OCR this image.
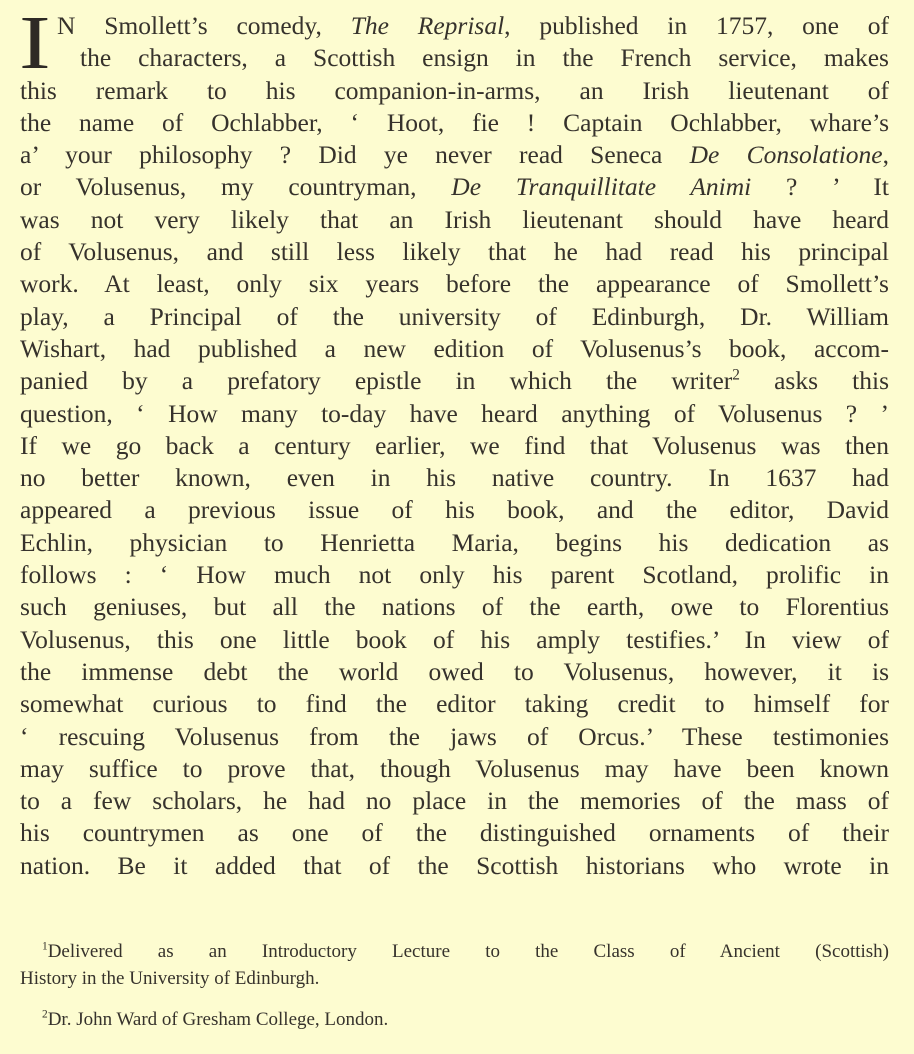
I N Smollett’s comedy, The Reprisal, published in 1757, one of
the characters, a Scottish ensign in the French service, makes
this remark to his companion-in-arms, an Irish lieutenant of
the name of Ochlabber, ‘ Hoot, fie ! Captain Ochlabber, whare’s
a’ your philosophy ? Did ye never read Seneca De Consolatione,
or Volusenus, my countryman, De Tranquillitate Animi ? ’ It
was not very likely that an Irish lieutenant should have heard
of Volusenus, and still less likely that he had read his principal
work. At least, only six years before the appearance of Smollett’s
play, a Principal of the university of Edinburgh, Dr. William
Wishart, had published a new edition of Volusenus’s book, accom-
panied by a prefatory epistle in which the writer$^2$ asks this
question, ‘ How many to-day have heard anything of Volusenus ? ’
If we go back a century earlier, we find that Volusenus was then
no better known, even in his native country. In 1637 had
appeared a previous issue of his book, and the editor, David
Echlin, physician to Henrietta Maria, begins his dedication as
follows : ‘ How much not only his parent Scotland, prolific in
such geniuses, but all the nations of the earth, owe to Florentius
Volusenus, this one little book of his amply testifies.’ In view of
the immense debt the world owed to Volusenus, however, it is
somewhat curious to find the editor taking credit to himself for
‘ rescuing Volusenus from the jaws of Orcus.’ These testimonies
may suffice to prove that, though Volusenus may have been known
to a few scholars, he had no place in the memories of the mass of
his countrymen as one of the distinguished ornaments of their
nation. Be it added that of the Scottish historians who wrote in
$^1$Delivered as an Introductory Lecture to the Class of Ancient (Scottish)
History in the University of Edinburgh.
$^2$Dr. John Ward of Gresham College, London.
